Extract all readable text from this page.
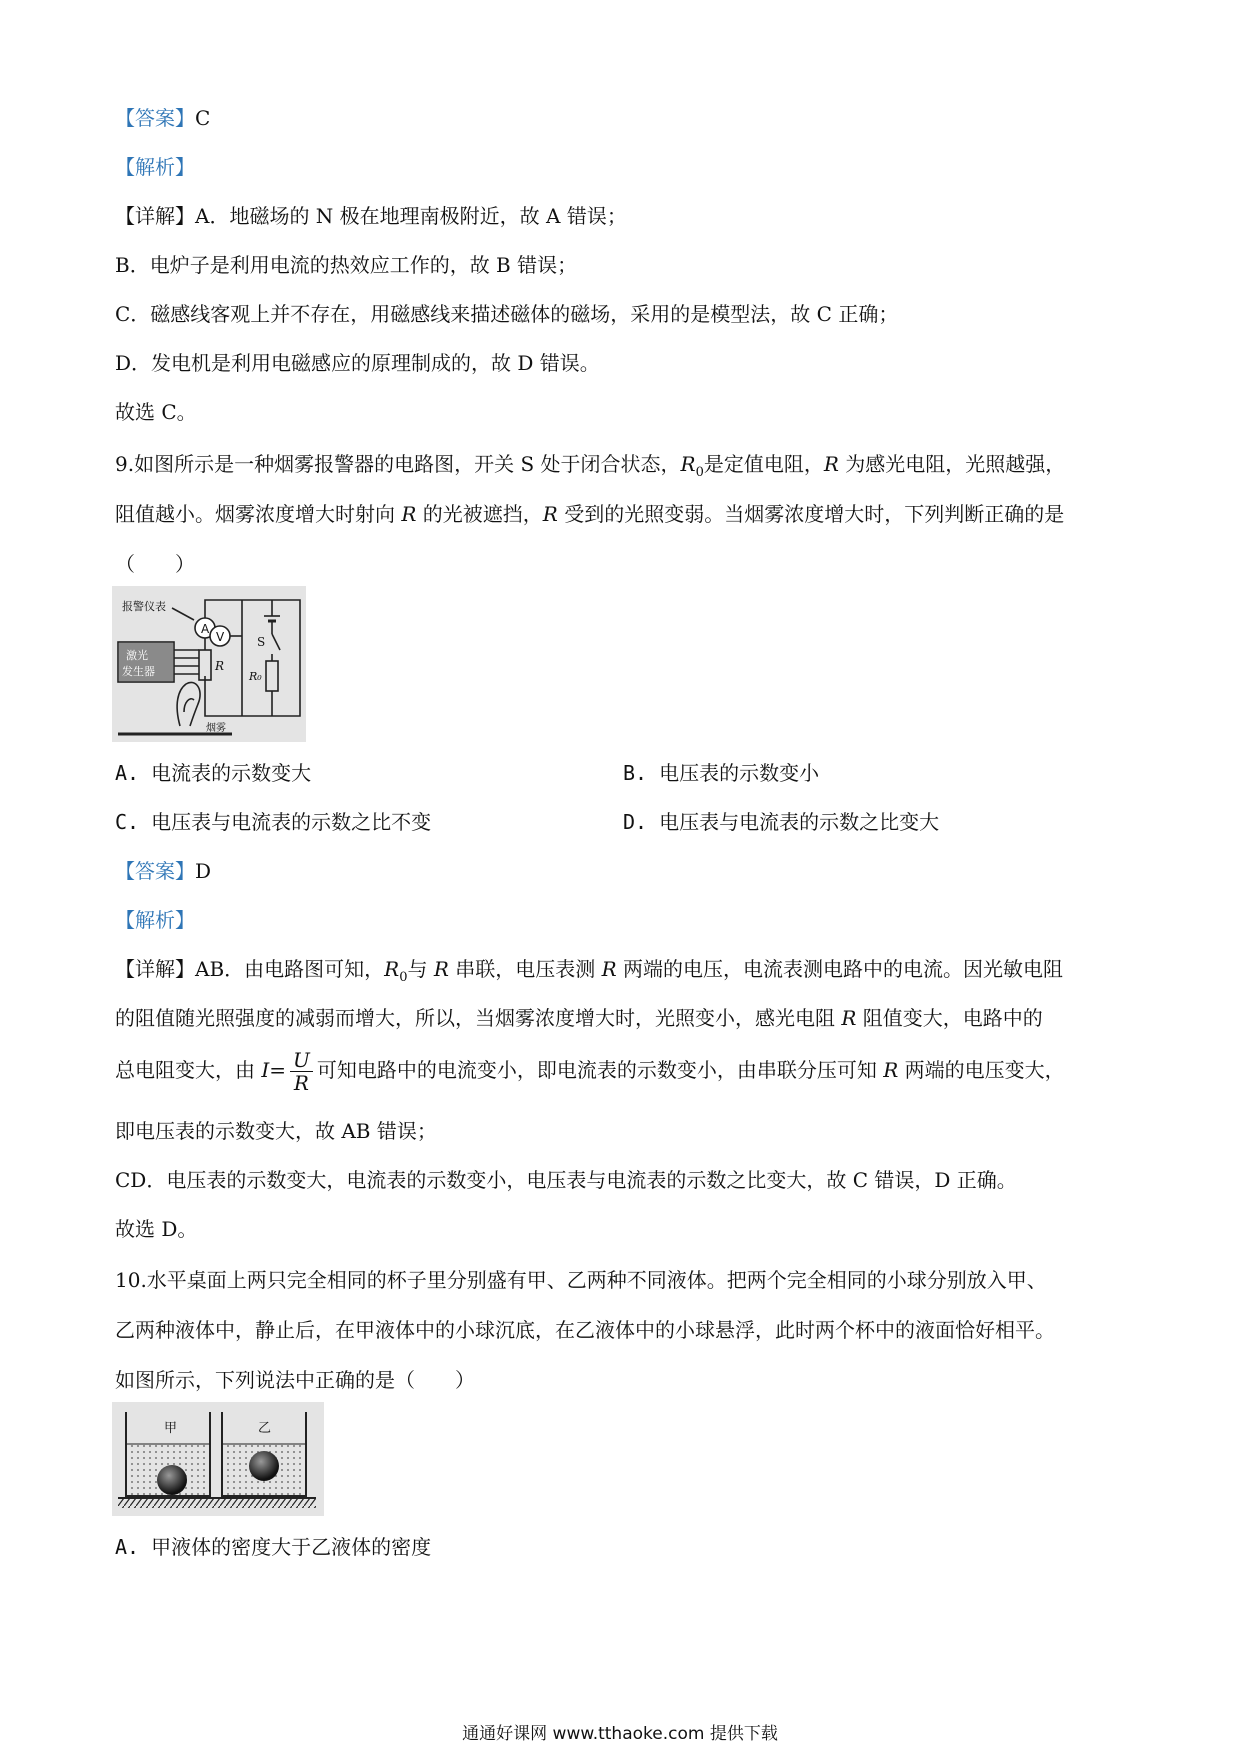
【答案】C
【解析】
【详解】A．地磁场的 N 极在地理南极附近，故 A 错误；
B．电炉子是利用电流的热效应工作的，故 B 错误；
C．磁感线客观上并不存在，用磁感线来描述磁体的磁场，采用的是模型法，故 C 正确；
D．发电机是利用电磁感应的原理制成的，故 D 错误。
故选 C。
9.如图所示是一种烟雾报警器的电路图，开关 S 处于闭合状态，$R_0$是定值电阻，R 为感光电阻，光照越强，
阻值越小。烟雾浓度增大时射向 R 的光被遮挡，R 受到的光照变弱。当烟雾浓度增大时，下列判断正确的是
（　　）
报警仪表
A
V	S
激光
发生器	R
R₀
烟雾
A. 电流表的示数变大	B. 电压表的示数变小
C. 电压表与电流表的示数之比不变	D. 电压表与电流表的示数之比变大
【答案】D
【解析】
【详解】AB．由电路图可知，$R_0$与 R 串联，电压表测 R 两端的电压，电流表测电路中的电流。因光敏电阻
的阻值随光照强度的减弱而增大，所以，当烟雾浓度增大时，光照变小，感光电阻 R 阻值变大，电路中的
总电阻变大，由 $I= \frac{U}{R}$ 可知电路中的电流变小，即电流表的示数变小，由串联分压可知 R 两端的电压变大，
即电压表的示数变大，故 AB 错误；
CD．电压表的示数变大，电流表的示数变小，电压表与电流表的示数之比变大，故 C 错误，D 正确。
故选 D。
10.水平桌面上两只完全相同的杯子里分别盛有甲、乙两种不同液体。把两个完全相同的小球分别放入甲、
乙两种液体中，静止后，在甲液体中的小球沉底，在乙液体中的小球悬浮，此时两个杯中的液面恰好相平。
如图所示，下列说法中正确的是（　　）
甲	乙
A. 甲液体的密度大于乙液体的密度
通通好课网 www.tthaoke.com 提供下载
